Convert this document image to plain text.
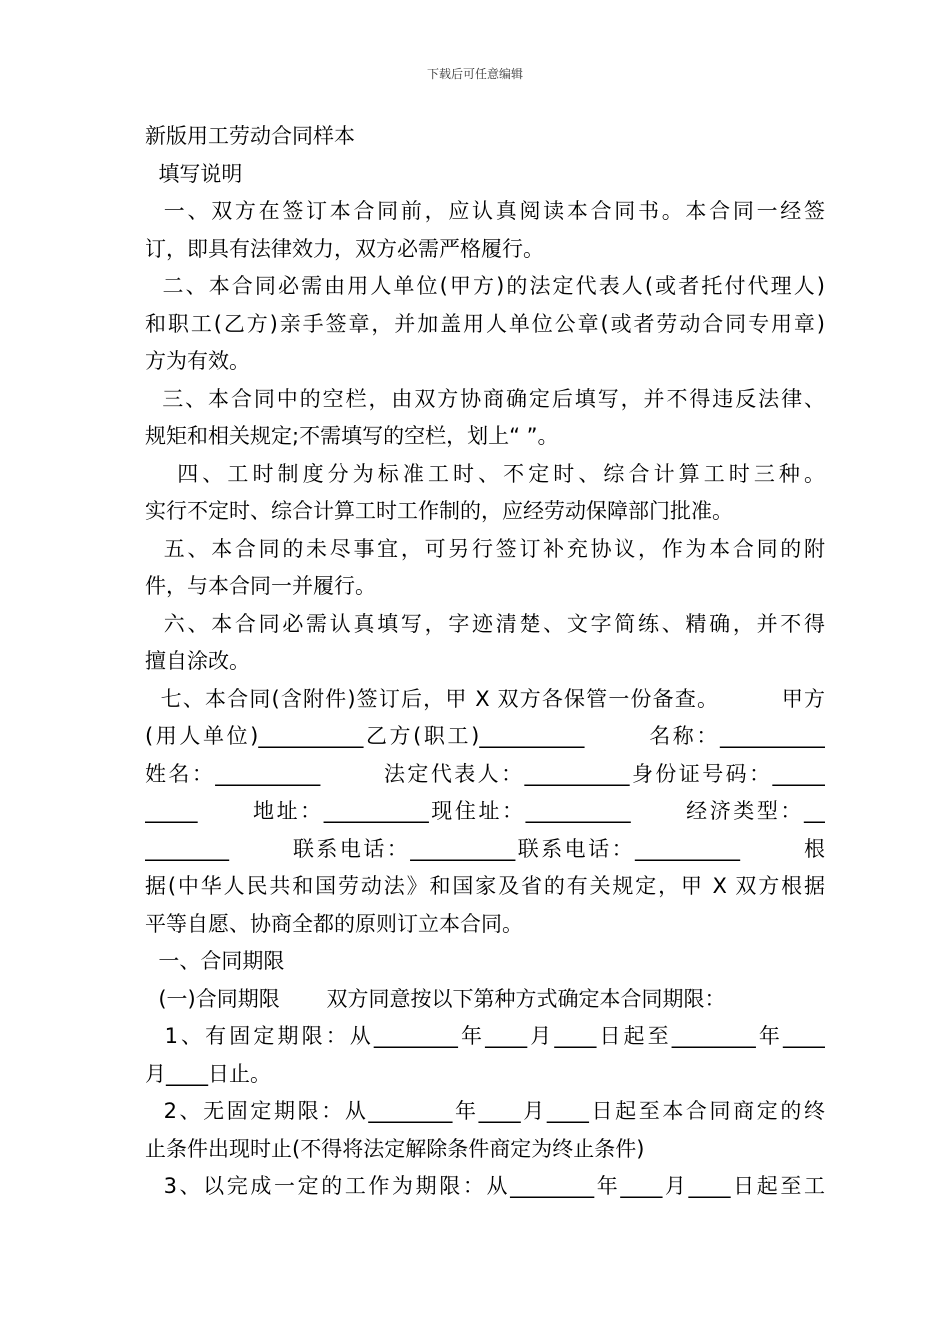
下载后可任意编辑
新版用工劳动合同样本
填写说明
一、双方在签订本合同前，应认真阅读本合同书。本合同一经签
订，即具有法律效力，双方必需严格履行。
二、本合同必需由用人单位(甲方)的法定代表人(或者托付代理人)
和职工(乙方)亲手签章，并加盖用人单位公章(或者劳动合同专用章)
方为有效。
三、本合同中的空栏，由双方协商确定后填写，并不得违反法律、
规矩和相关规定;不需填写的空栏，划上“ ”。
四、工时制度分为标准工时、不定时、综合计算工时三种。
实行不定时、综合计算工时工作制的，应经劳动保障部门批准。
五、本合同的未尽事宜，可另行签订补充协议，作为本合同的附
件，与本合同一并履行。
六、本合同必需认真填写，字迹清楚、文字简练、精确，并不得
擅自涂改。
七、本合同(含附件)签订后，甲 X 双方各保管一份备查。        甲方
(用人单位)__________乙方(职工)__________       名称：__________
姓名：__________       法定代表人：__________身份证号码：_____
_____      地址：__________现住址：__________      经济类型：__
________       联系电话：__________联系电话：__________       根
据(中华人民共和国劳动法》和国家及省的有关规定，甲 X 双方根据
平等自愿、协商全都的原则订立本合同。
一、合同期限
(一)合同期限       双方同意按以下第种方式确定本合同期限：
1、有固定期限：从________年____月____日起至________年____
月____日止。
2、无固定期限：从________年____月____日起至本合同商定的终
止条件出现时止(不得将法定解除条件商定为终止条件)
3、以完成一定的工作为期限：从________年____月____日起至工
